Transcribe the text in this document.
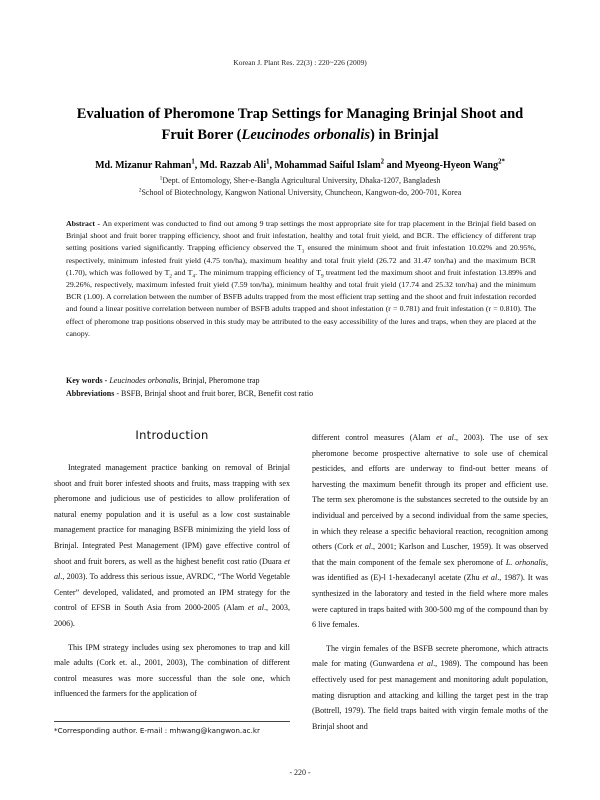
Korean J. Plant Res. 22(3) : 220~226 (2009)
Evaluation of Pheromone Trap Settings for Managing Brinjal Shoot and
Fruit Borer (Leucinodes orbonalis) in Brinjal
Md. Mizanur Rahman$^1$, Md. Razzab Ali$^1$, Mohammad Saiful Islam$^2$ and Myeong-Hyeon Wang$^{2*}$
$^1$Dept. of Entomology, Sher-e-Bangla Agricultural University, Dhaka-1207, Bangladesh
$^2$School of Biotechnology, Kangwon National University, Chuncheon, Kangwon-do, 200-701, Korea
Abstract - An experiment was conducted to find out among 9 trap settings the most appropriate site for trap placement in the Brinjal field based on Brinjal shoot and fruit borer trapping efficiency, shoot and fruit infestation, healthy and total fruit yield, and BCR. The efficiency of different trap setting positions varied significantly. Trapping efficiency observed the $T_1$ ensured the minimum shoot and fruit infestation 10.02% and 20.95%, respectively, minimum infested fruit yield (4.75 ton/ha), maximum healthy and total fruit yield (26.72 and 31.47 ton/ha) and the maximum BCR (1.70), which was followed by $T_2$ and $T_4$. The minimum trapping efficiency of $T_9$ treatment led the maximum shoot and fruit infestation 13.89% and 29.26%, respectively, maximum infested fruit yield (7.59 ton/ha), minimum healthy and total fruit yield (17.74 and 25.32 ton/ha) and the minimum BCR (1.00). A correlation between the number of BSFB adults trapped from the most efficient trap setting and the shoot and fruit infestation recorded and found a linear positive correlation between number of BSFB adults trapped and shoot infestation (r = 0.781) and fruit infestation (r = 0.810). The effect of pheromone trap positions observed in this study may be attributed to the easy accessibility of the lures and traps, when they are placed at the canopy.
Key words - Leucinodes orbonalis, Brinjal, Pheromone trap
Abbreviations - BSFB, Brinjal shoot and fruit borer, BCR, Benefit cost ratio
Introduction

Integrated management practice banking on removal of Brinjal shoot and fruit borer infested shoots and fruits, mass trapping with sex pheromone and judicious use of pesticides to allow proliferation of natural enemy population and it is useful as a low cost sustainable management practice for managing BSFB minimizing the yield loss of Brinjal. Integrated Pest Management (IPM) gave effective control of shoot and fruit borers, as well as the highest benefit cost ratio (Duara et al., 2003). To address this serious issue, AVRDC, “The World Vegetable Center” developed, validated, and promoted an IPM strategy for the control of EFSB in South Asia from 2000-2005 (Alam et al., 2003, 2006).

This IPM strategy includes using sex pheromones to trap and kill male adults (Cork et. al., 2001, 2003), The combination of different control measures was more successful than the sole one, which influenced the farmers for the application of

different control measures (Alam et al., 2003). The use of sex pheromone become prospective alternative to sole use of chemical pesticides, and efforts are underway to find-out better means of harvesting the maximum benefit through its proper and efficient use. The term sex pheromone is the substances secreted to the outside by an individual and perceived by a second individual from the same species, in which they release a specific behavioral reaction, recognition among others (Cork et al., 2001; Karlson and Luscher, 1959). It was observed that the main component of the female sex pheromone of L. orhonalis, was identified as (E)-l 1-hexadecanyl acetate (Zhu et al., 1987). It was synthesized in the laboratory and tested in the field where more males were captured in traps baited with 300-500 mg of the compound than by 6 live females.

The virgin females of the BSFB secrete pheromone, which attracts male for mating (Gunwardena et al., 1989). The compound has been effectively used for pest management and monitoring adult population, mating disruption and attacking and killing the target pest in the trap (Bottrell, 1979). The field traps baited with virgin female moths of the Brinjal shoot and

*Corresponding author. E-mail : mhwang@kangwon.ac.kr
- 220 -
